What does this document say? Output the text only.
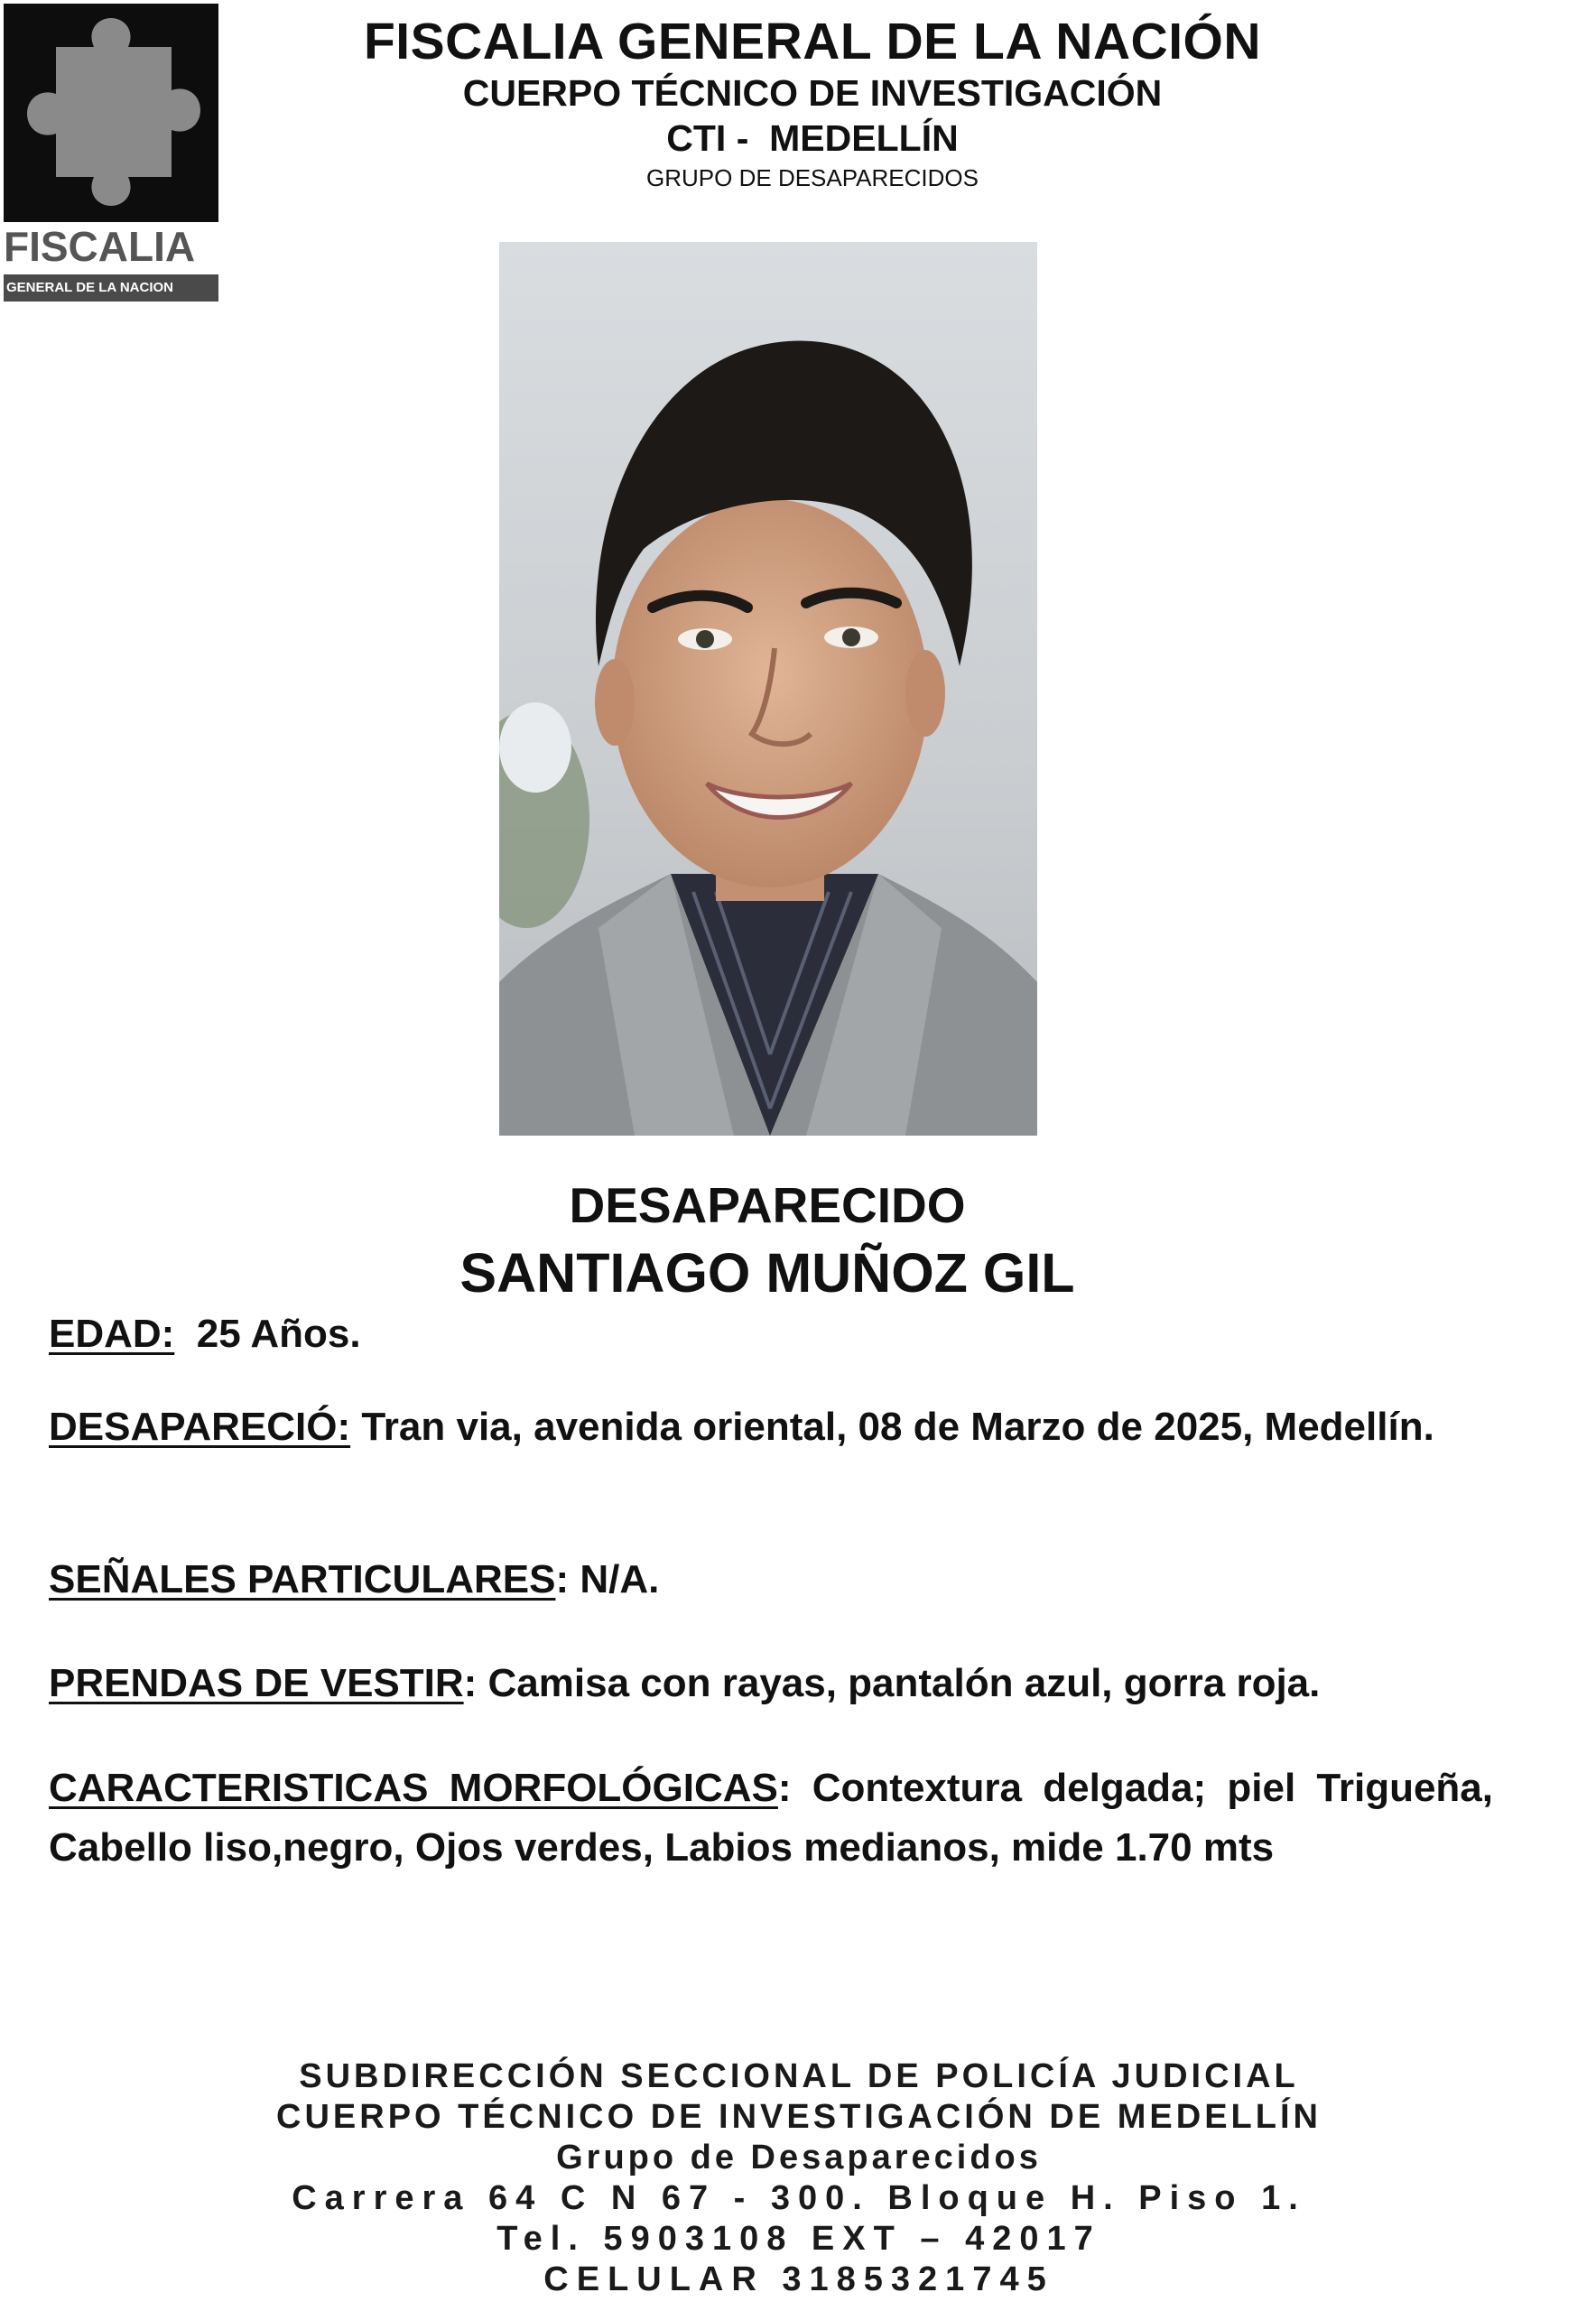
FISCALIA
GENERAL DE LA NACION
FISCALIA GENERAL DE LA NACIÓN
CUERPO TÉCNICO DE INVESTIGACIÓN
CTI -  MEDELLÍN
GRUPO DE DESAPARECIDOS
DESAPARECIDO
SANTIAGO MUÑOZ GIL
EDAD: 25 Años.
DESAPARECIÓ: Tran via, avenida oriental, 08 de Marzo de 2025, Medellín.
SEÑALES PARTICULARES: N/A.
PRENDAS DE VESTIR: Camisa con rayas, pantalón azul, gorra roja.
CARACTERISTICAS MORFOLÓGICAS: Contextura delgada; piel Trigueña, Cabello liso,negro, Ojos verdes, Labios medianos, mide 1.70 mts
SUBDIRECCIÓN SECCIONAL DE POLICÍA JUDICIAL
CUERPO TÉCNICO DE INVESTIGACIÓN DE MEDELLÍN
Grupo de Desaparecidos
Carrera 64 C N 67 - 300. Bloque H. Piso 1.
Tel. 5903108 EXT – 42017
CELULAR 3185321745
